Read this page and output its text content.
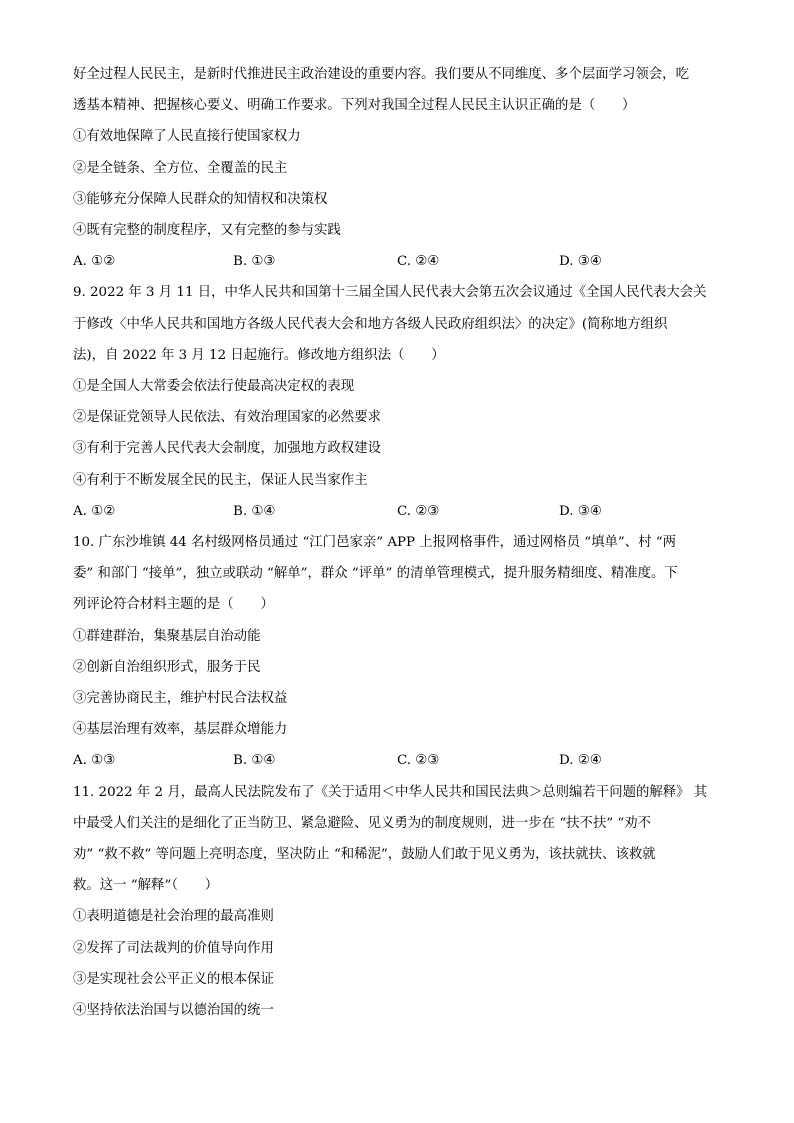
好全过程人民民主，是新时代推进民主政治建设的重要内容。我们要从不同维度、多个层面学习领会，吃
透基本精神、把握核心要义、明确工作要求。下列对我国全过程人民民主认识正确的是（　　）
①有效地保障了人民直接行使国家权力
②是全链条、全方位、全覆盖的民主
③能够充分保障人民群众的知情权和决策权
④既有完整的制度程序，又有完整的参与实践
A. ①②	B. ①③	C. ②④	D. ③④
9. 2022 年 3 月 11 日，中华人民共和国第十三届全国人民代表大会第五次会议通过《全国人民代表大会关
于修改〈中华人民共和国地方各级人民代表大会和地方各级人民政府组织法〉的决定》(简称地方组织
法)，自 2022 年 3 月 12 日起施行。修改地方组织法（　　）
①是全国人大常委会依法行使最高决定权的表现
②是保证党领导人民依法、有效治理国家的必然要求
③有利于完善人民代表大会制度，加强地方政权建设
④有利于不断发展全民的民主，保证人民当家作主
A. ①②	B. ①④	C. ②③	D. ③④
10. 广东沙堆镇 44 名村级网格员通过 “江门邑家亲” APP 上报网格事件，通过网格员 “填单”、村 “两
委” 和部门 “接单”，独立或联动 “解单”，群众 “评单” 的清单管理模式，提升服务精细度、精准度。下
列评论符合材料主题的是（　　）
①群建群治，集聚基层自治动能
②创新自治组织形式，服务于民
③完善协商民主，维护村民合法权益
④基层治理有效率，基层群众增能力
A. ①③	B. ①④	C. ②③	D. ②④
11. 2022 年 2 月，最高人民法院发布了《关于适用＜中华人民共和国民法典＞总则编若干问题的解释》 其
中最受人们关注的是细化了正当防卫、紧急避险、见义勇为的制度规则，进一步在 “扶不扶” “劝不
劝” “救不救” 等问题上亮明态度，坚决防止 “和稀泥”，鼓励人们敢于见义勇为，该扶就扶、该救就
救。这一 “解释”（　　）
①表明道德是社会治理的最高准则
②发挥了司法裁判的价值导向作用
③是实现社会公平正义的根本保证
④坚持依法治国与以德治国的统一
